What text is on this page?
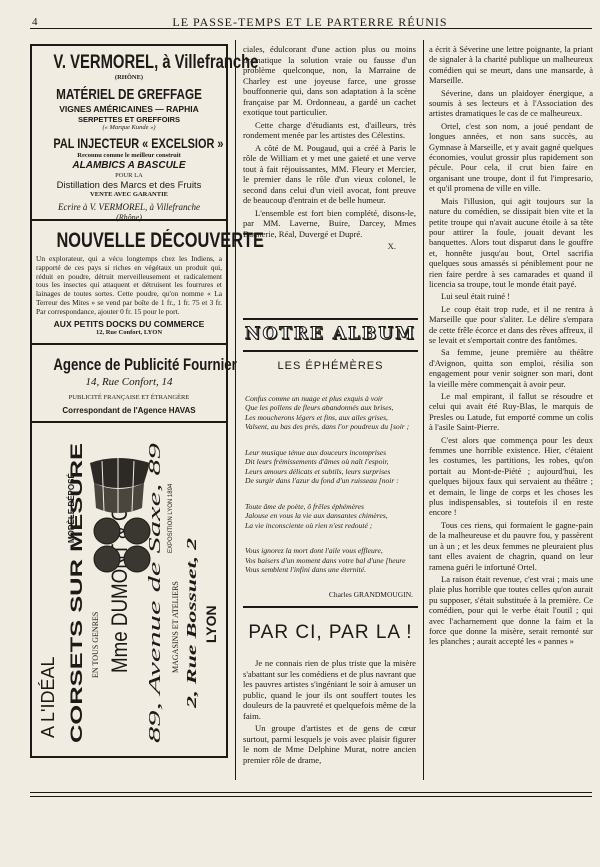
4	LE PASSE-TEMPS ET LE PARTERRE RÉUNIS
V. VERMOREL, à Villefranche
(RHÔNE)
MATÉRIEL DE GREFFAGE
VIGNES AMÉRICAINES — RAPHIA
SERPETTES ET GREFFOIRS
(« Marque Kunde »)
PAL INJECTEUR « EXCELSIOR »
Reconnu comme le meilleur construit
ALAMBICS A BASCULE
POUR LA
Distillation des Marcs et des Fruits
VENTE AVEC GARANTIE
Ecrire à V. VERMOREL, à Villefranche
(Rhône)
NOUVELLE DÉCOUVERTE
Un explorateur, qui a vécu longtemps chez les Indiens, a rapporté de ces pays si riches en végétaux un produit qui, réduit en poudre, détruit merveilleusement et radicalement tous les insectes qui attaquent et détruisent les fourrures et lainages de toutes sortes. Cette poudre, qu'on nomme « La Terreur des Mites » se vend par boîte de 1 fr., 1 fr. 75 et 3 fr. Par correspondance, ajouter 0 fr. 15 pour le port.
AUX PETITS DOCKS DU COMMERCE
12, Rue Confort, LYON
Agence de Publicité Fournier
14, Rue Confort, 14
PUBLICITÉ FRANÇAISE ET ÉTRANGÈRE
Correspondant de l'Agence HAVAS
A L'IDÉAL CORSETS SUR MESURE EN TOUS GENRES Mme DUMONT & Cie 89, Avenue de Saxe, 89 MAGASINS ET ATELIERS 2, Rue Bossuet, 2 LYON
MODÈLE DÉPOSÉ	EXPOSITION LYON 1894

ciales, édulcorant d'une action plus ou moins dramatique la solution vraie ou fausse d'un problème quelconque, non, la Marraine de Charley est une joyeuse farce, une grosse bouffonnerie qui, dans son adaptation à la scène française par M. Ordonneau, a gardé un cachet exotique tout particulier.

Cette charge d'étudiants est, d'ailleurs, très rondement menée par les artistes des Célestins.

A côté de M. Pougaud, qui a créé à Paris le rôle de William et y met une gaieté et une verve tout à fait réjouissantes, MM. Fleury et Mercier, le premier dans le rôle d'un vieux colonel, le second dans celui d'un vieil avocat, font preuve de beaucoup d'entrain et de belle humeur.

L'ensemble est fort bien complété, disons-le, par MM. Laverne, Buire, Darcey, Mmes Daunerie, Réal, Duvergé et Dupré.

X.
NOTRE ALBUM
LES ÉPHÉMÈRES

Confus comme un nuage et plus exquis à voir
Que les pollens de fleurs abandonnés aux brises,
Les moucherons légers et fins, aux ailes grises,
Valsent, au bas des prés, dans l'or poudreux du [soir ;

Leur musique ténue aux douceurs incomprises
Dit leurs frémissements d'âmes où naît l'espoir,
Leurs amours délicats et subtils, leurs surprises
De surgir dans l'azur du fond d'un ruisseau [noir :

Toute âme de poète, ô frêles éphémères
Jalouse en vous la vie aux dansantes chimères,
La vie inconsciente où rien n'est redouté ;

Vous ignorez la mort dont l'aile vous effleure,
Vos baisers d'un moment dans votre bal d'une [heure
Vous semblent l'infini dans une éternité.

Charles GRANDMOUGIN.
PAR CI, PAR LA !

Je ne connais rien de plus triste que la misère s'abattant sur les comédiens et de plus navrant que les pauvres artistes s'ingéniant le soir à amuser un public, quand le jour ils ont souffert toutes les douleurs de la pauvreté et quelquefois même de la faim.

Un groupe d'artistes et de gens de cœur surtout, parmi lesquels je vois avec plaisir figurer le nom de Mme Delphine Murat, notre ancien premier rôle de drame,

a écrit à Séverine une lettre poignante, la priant de signaler à la charité publique un malheureux comédien qui se meurt, dans une mansarde, à Marseille.

Séverine, dans un plaidoyer énergique, a soumis à ses lecteurs et à l'Association des artistes dramatiques le cas de ce malheureux.

Ortel, c'est son nom, a joué pendant de longues années, et non sans succès, au Gymnase à Marseille, et y avait gagné quelques économies, voulut grossir plus rapidement son pécule. Pour cela, il crut bien faire en organisant une troupe, dont il fut l'impresario, et qu'il promena de ville en ville.

Mais l'illusion, qui agit toujours sur la nature du comédien, se dissipait bien vite et la petite troupe qui n'avait aucune étoile à sa tête pour attirer la foule, jouait devant les banquettes. Alors tout disparut dans le gouffre et, honnête jusqu'au bout, Ortel sacrifia quelques sous amassés si péniblement pour ne rien faire perdre à ses camarades et quand il licencia sa troupe, tout le monde était payé.

Lui seul était ruiné !

Le coup était trop rude, et il ne rentra à Marseille que pour s'aliter. Le délire s'empara de cette frêle écorce et dans des rêves affreux, il se levait et s'emportait contre des fantômes.

Sa femme, jeune première au théâtre d'Avignon, quitta son emploi, résilia son engagement pour venir soigner son mari, dont la vieille mère commençait à avoir peur.

Le mal empirant, il fallut se résoudre et celui qui avait été Ruy-Blas, le marquis de Presles ou Latude, fut emporté comme un colis à l'asile Saint-Pierre.

C'est alors que commença pour les deux femmes une horrible existence. Hier, c'étaient les costumes, les partitions, les robes, qu'on portait au Mont-de-Piété ; aujourd'hui, les quelques bijoux faux qui servaient au théâtre ; et demain, le linge de corps et les choses les plus indispensables, si toutefois il en reste encore !

Tous ces riens, qui formaient le gagne-pain de la malheureuse et du pauvre fou, y passèrent un à un ; et les deux femmes ne pleuraient plus tant elles avaient de chagrin, quand on leur ramena guéri le infortuné Ortel.

La raison était revenue, c'est vrai ; mais une plaie plus horrible que toutes celles qu'on aurait pu supposer, s'était substituée à la première. Ce comédien, pour qui le verbe était l'outil ; qui avec l'acharnement que donne la faim et la force que donne la misère, serait remonté sur les planches ; aurait accepté les « pannes »
